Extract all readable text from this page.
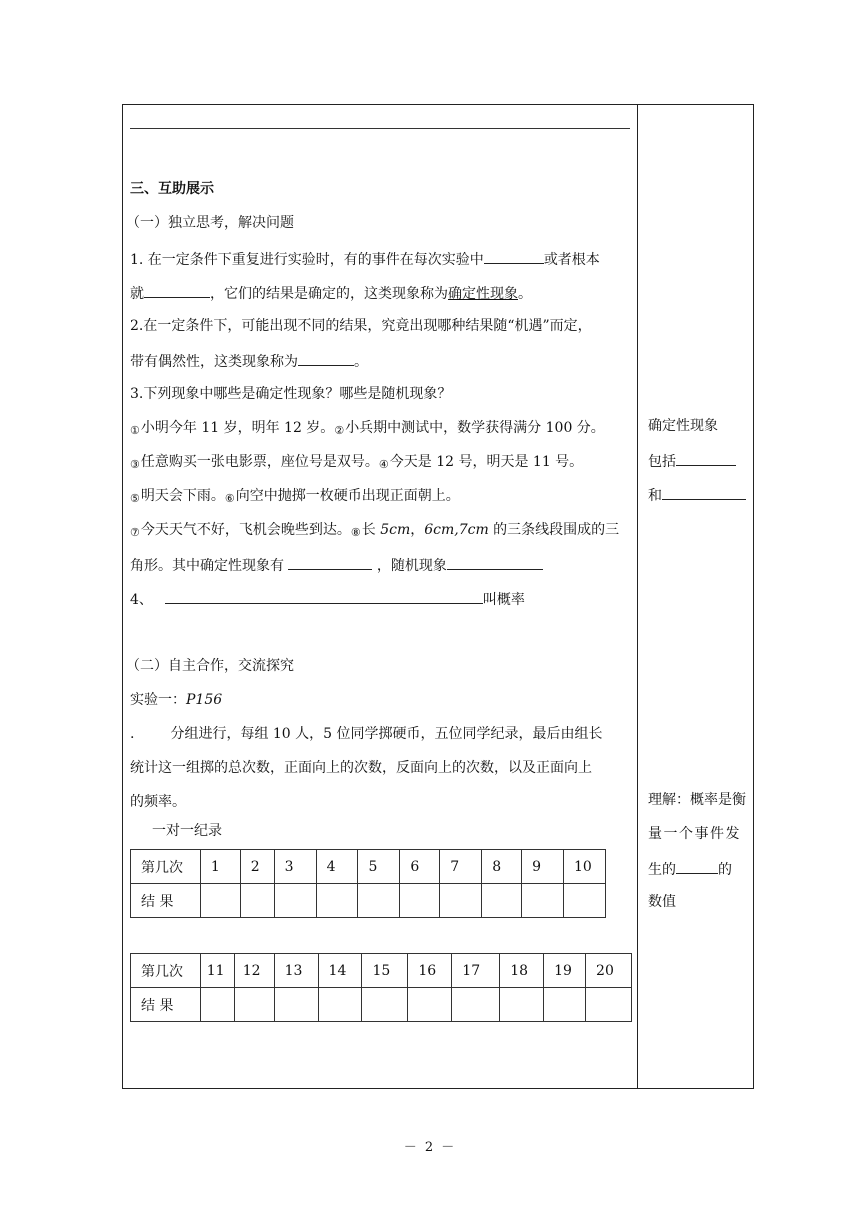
三、互助展示
（一）独立思考，解决问题
1. 在一定条件下重复进行实验时，有的事件在每次实验中	或者根本
就	，它们的结果是确定的，这类现象称为确定性现象。
2.在一定条件下，可能出现不同的结果，究竟出现哪种结果随“机遇”而定，
带有偶然性，这类现象称为	。
3.下列现象中哪些是确定性现象？哪些是随机现象？
①小明今年 11 岁，明年 12 岁。②小兵期中测试中，数学获得满分 100 分。
③任意购买一张电影票，座位号是双号。④今天是 12 号，明天是 11 号。
⑤明天会下雨。⑥向空中抛掷一枚硬币出现正面朝上。
⑦今天天气不好，飞机会晚些到达。⑧长 5cm，6cm,7cm 的三条线段围成的三
角形。其中确定性现象有	，随机现象
4、	叫概率
（二）自主合作，交流探究
实验一：P156
.	分组进行，每组 10 人，5 位同学掷硬币，五位同学纪录，最后由组长
统计这一组掷的总次数，正面向上的次数，反面向上的次数，以及正面向上
的频率。
一对一纪录
第几次	1	2	3	4	5	6	7	8	9	10
结 果										
第几次	11	12	13	14	15	16	17	18	19	20
结 果										
确定性现象
包括
和
理解：概率是衡
量一个事件发
生的	的
数值
－ 2 －
